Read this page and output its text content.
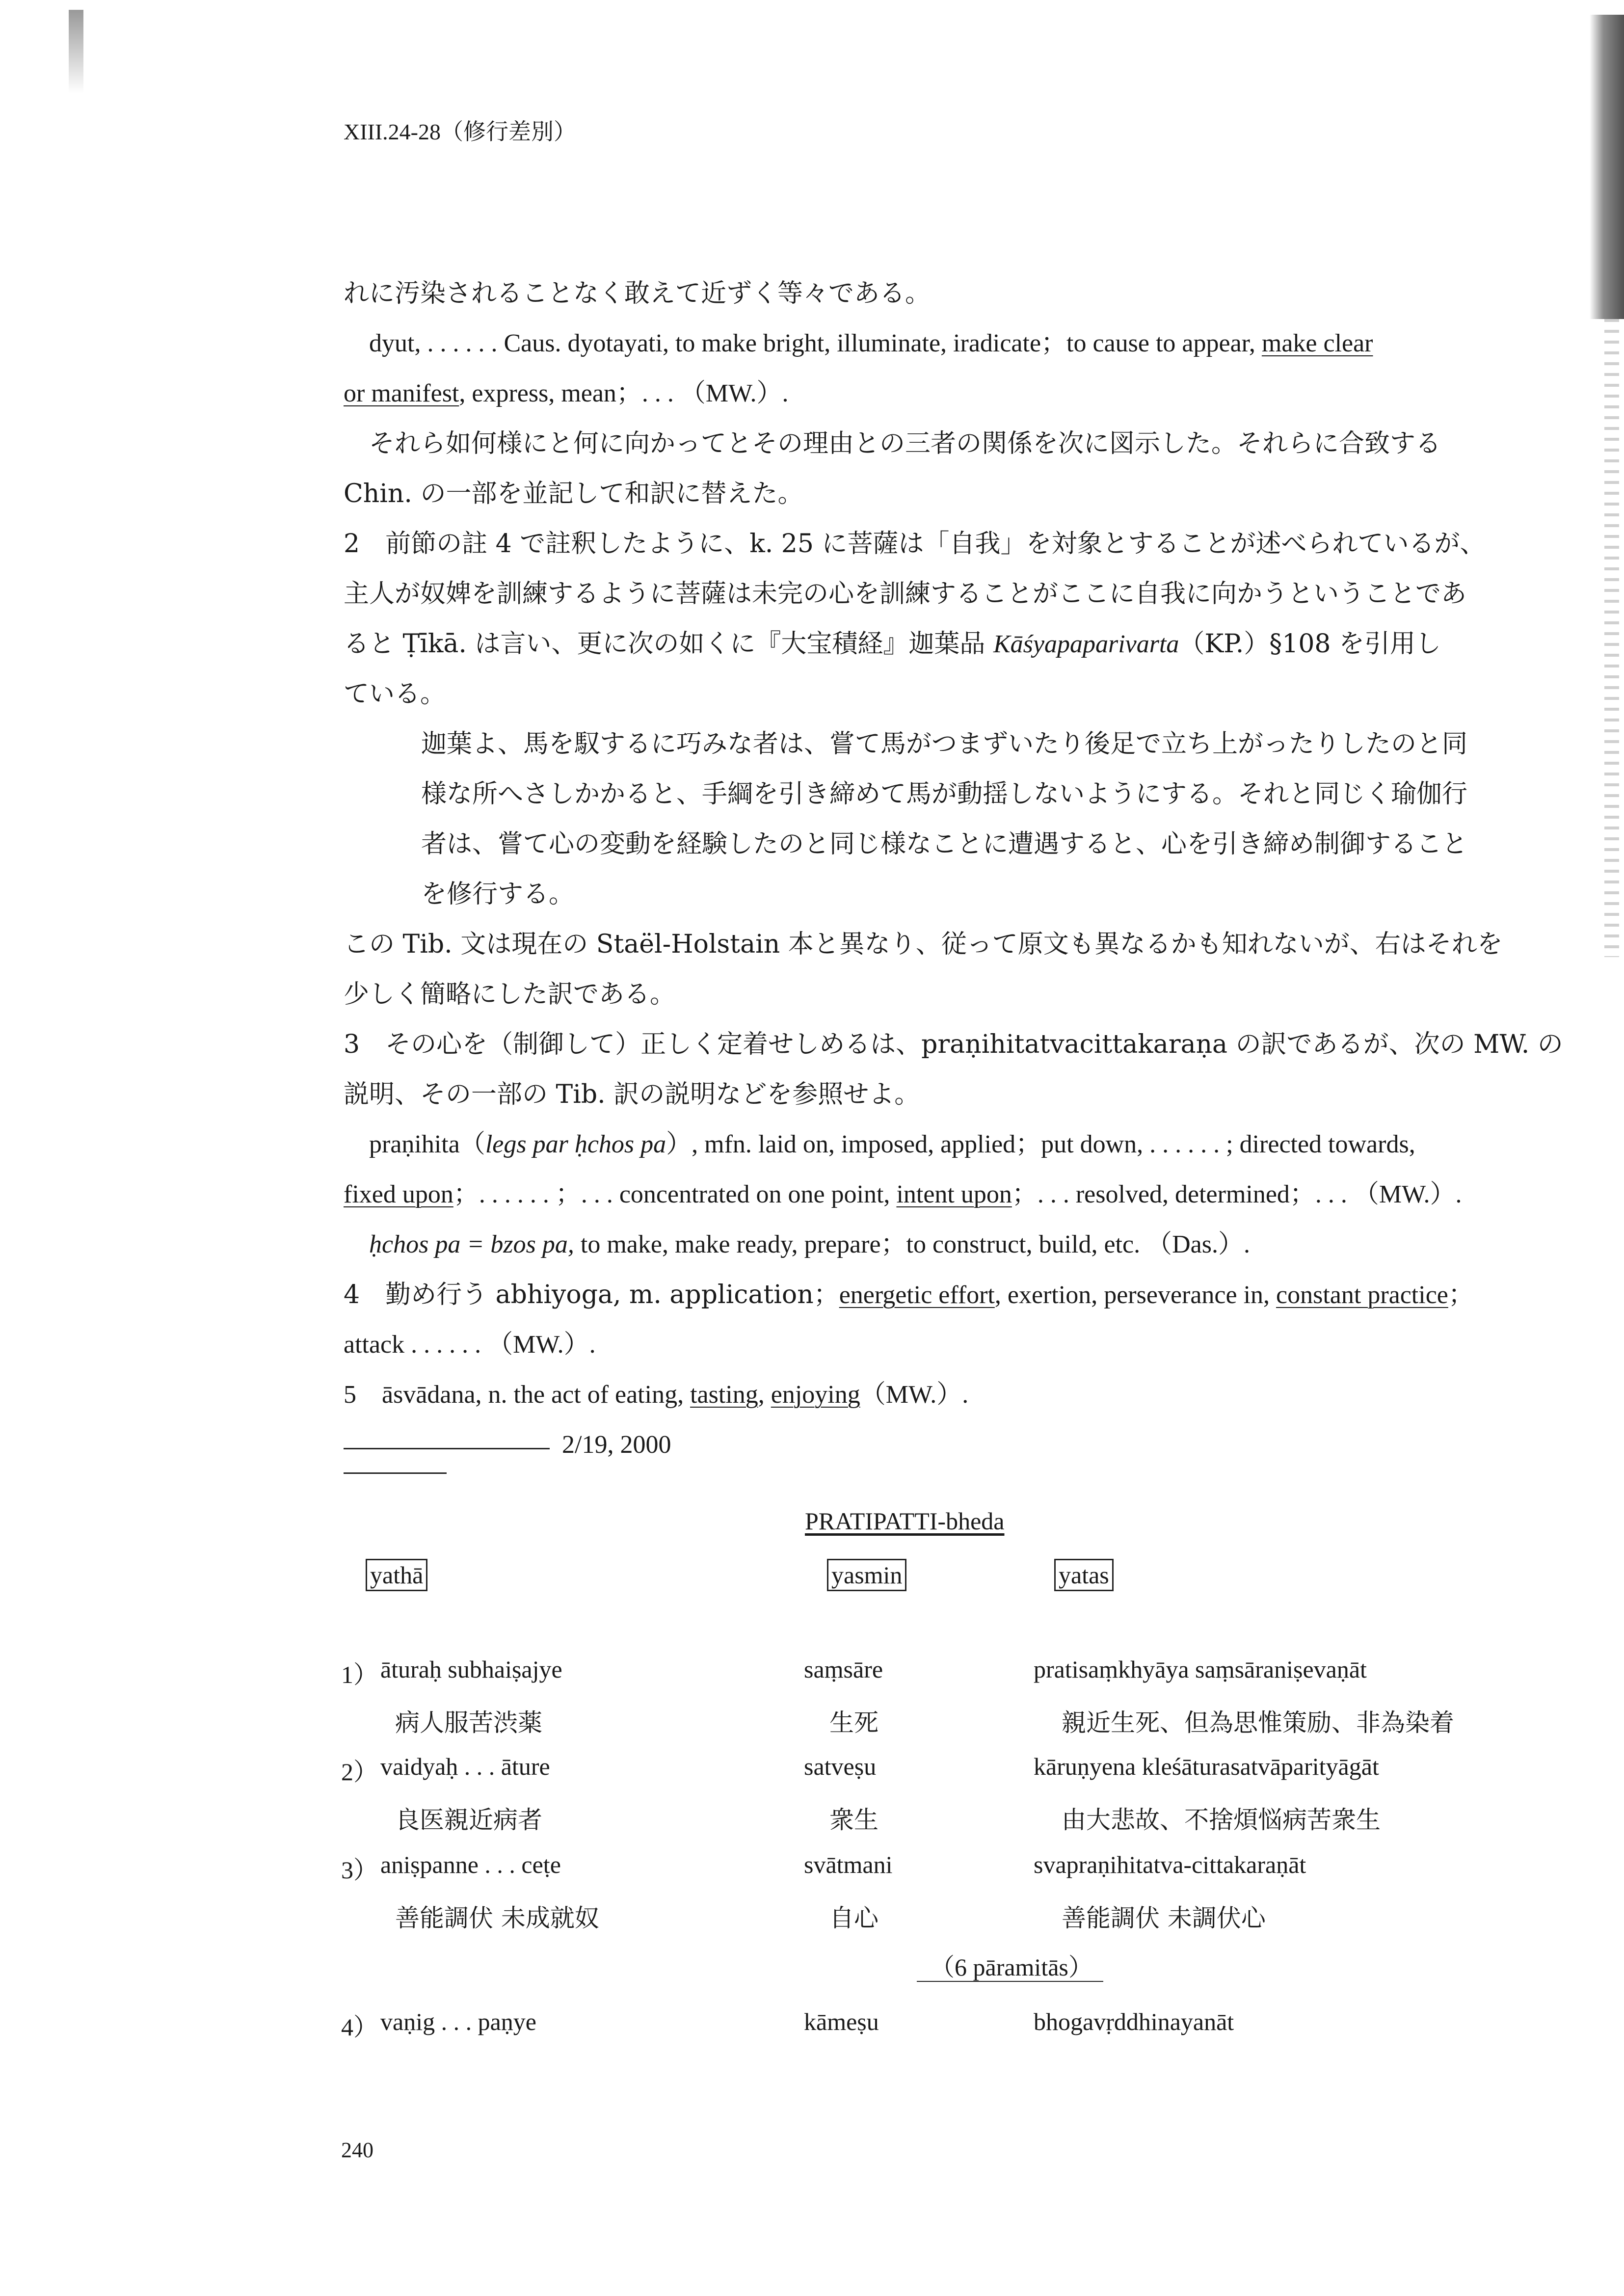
XIII.24-28（修行差別）
れに汚染されることなく敢えて近ずく等々である。
dyut, . . . . . . Caus. dyotayati, to make bright, illuminate, iradicate；to cause to appear, make clear
or manifest, express, mean；. . . （MW.）.
それら如何様にと何に向かってとその理由との三者の関係を次に図示した。それらに合致する
Chin. の一部を並記して和訳に替えた。
2　前節の註 4 で註釈したように、k. 25 に菩薩は「自我」を対象とすることが述べられているが、
主人が奴婢を訓練するように菩薩は未完の心を訓練することがここに自我に向かうということであ
ると Ṭīkā. は言い、更に次の如くに『大宝積経』迦葉品 Kāśyapaparivarta（KP.）§108 を引用し
ている。
迦葉よ、馬を馭するに巧みな者は、嘗て馬がつまずいたり後足で立ち上がったりしたのと同
様な所へさしかかると、手綱を引き締めて馬が動揺しないようにする。それと同じく瑜伽行
者は、嘗て心の変動を経験したのと同じ様なことに遭遇すると、心を引き締め制御すること
を修行する。
この Tib. 文は現在の Staël-Holstain 本と異なり、従って原文も異なるかも知れないが、右はそれを
少しく簡略にした訳である。
3　その心を（制御して）正しく定着せしめるは、praṇihitatvacittakaraṇa の訳であるが、次の MW. の
説明、その一部の Tib. 訳の説明などを参照せよ。
praṇihita（legs par ḥchos pa）, mfn. laid on, imposed, applied；put down, . . . . . . ; directed towards,
fixed upon；. . . . . . ；. . . concentrated on one point, intent upon；. . . resolved, determined；. . . （MW.）.
ḥchos pa = bzos pa, to make, make ready, prepare；to construct, build, etc. （Das.）.
4　勤め行う abhiyoga, m. application；energetic effort, exertion, perseverance in, constant practice；
attack . . . . . . （MW.）.
5　āsvādana, n. the act of eating, tasting, enjoying（MW.）.
2/19, 2000
PRATIPATTI-bheda
yathā	yasmin	yatas
1） āturaḥ subhaiṣajye	saṃsāre	pratisaṃkhyāya saṃsāraniṣevaṇāt
病人服苦渋薬	生死	親近生死、但為思惟策励、非為染着
2） vaidyaḥ . . . āture	satveṣu	kāruṇyena kleśāturasatvāparityāgāt
良医親近病者	衆生	由大悲故、不捨煩悩病苦衆生
3） aniṣpanne . . . ceṭe	svātmani	svapraṇihitatva-cittakaraṇāt
善能調伏 未成就奴	自心	善能調伏 未調伏心
（6 pāramitās）
4） vaṇig . . . paṇye	kāmeṣu	bhogavṛddhinayanāt
240
